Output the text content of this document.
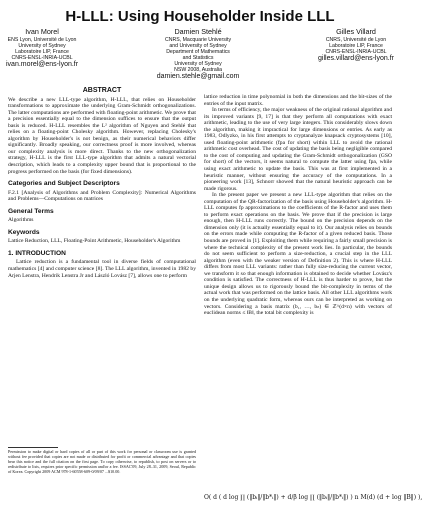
H-LLL: Using Householder Inside LLL
Ivan Morel
ENS Lyon, Université de Lyon
University of Sydney
Laboratoire LIP, France
CNRS-ENSL-INRIA-UCBL
ivan.morel@ens-lyon.fr
Damien Stehlé
CNRS, Macquarie University
and University of Sydney
Department of Mathematics
and Statistics
University of Sydney
NSW 2008, Australia
damien.stehle@gmail.com
Gilles Villard
CNRS, Université de Lyon
Laboratoire LIP, France
CNRS-ENSL-INRIA-UCBL
gilles.villard@ens-lyon.fr
ABSTRACT

We describe a new LLL-type algorithm, H-LLL, that relies on Householder transformations to approximate the underlying Gram-Schmidt orthogonalizations. The latter computations are performed with floating-point arithmetic. We prove that a precision essentially equal to the dimension suffices to ensure that the output basis is reduced. H-LLL resembles the L² algorithm of Nguyen and Stehlé that relies on a floating-point Cholesky algorithm. However, replacing Cholesky's algorithm by Householder's is not benign, as their numerical behaviors differ significantly. Broadly speaking, our correctness proof is more involved, whereas our complexity analysis is more direct. Thanks to the new orthogonalization strategy, H-LLL is the first LLL-type algorithm that admits a natural vectorial description, which leads to a complexity upper bound that is proportional to the progress performed on the basis (for fixed dimensions).

Categories and Subject Descriptors

F.2.1 [Analysis of Algorithms and Problem Complexity]: Numerical Algorithms and Problems—Computations on matrices

General Terms

Algorithms

Keywords

Lattice Reduction, LLL, Floating-Point Arithmetic, Householder's Algorithm

1. INTRODUCTION

Lattice reduction is a fundamental tool in diverse fields of computational mathematics [4] and computer science [8]. The LLL algorithm, invented in 1982 by Arjen Lenstra, Hendrik Lenstra Jr and László Lovász [7], allows one to perform

Permission to make digital or hard copies of all or part of this work for personal or classroom use is granted without fee provided that copies are not made or distributed for profit or commercial advantage and that copies bear this notice and the full citation on the first page. To copy otherwise, to republish, to post on servers or to redistribute to lists, requires prior specific permission and/or a fee. ISSAC'09, July 28–31, 2009, Seoul, Republic of Korea. Copyright 2009 ACM 978-1-60558-609-0/09/07 ...$10.00.

lattice reduction in time polynomial in both the dimensions and the bit-sizes of the entries of the input matrix.

In terms of efficiency, the major weakness of the original rational algorithm and its improved variants [9, 17] is that they perform all computations with exact arithmetic, leading to the use of very large integers. This considerably slows down the algorithm, making it impractical for large dimensions or entries. As early as 1983, Odlyzko, in his first attempts to cryptanalyze knapsack cryptosystems [10], used floating-point arithmetic (fpa for short) within LLL to avoid the rational arithmetic cost overhead. The cost of updating the basis being negligible compared to the cost of computing and updating the Gram-Schmidt orthogonalization (GSO for short) of the vectors, it seems natural to compute the latter using fpa, while using exact arithmetic to update the basis. This was at first implemented in a heuristic manner, without ensuring the accuracy of the computations. In a pioneering work [13], Schnorr showed that the natural heuristic approach can be made rigorous.

In the present paper we present a new LLL-type algorithm that relies on the computation of the QR-factorization of the basis using Householder's algorithm. H-LLL computes fp approximations to the coefficients of the R-factor and uses them to perform exact operations on the basis. We prove that if the precision is large enough, then H-LLL runs correctly. The bound on the precision depends on the dimension only (it is actually essentially equal to it). Our analysis relies on bounds on the errors made while computing the R-factor of a given reduced basis. Those bounds are proved in [1]. Exploiting them while requiring a fairly small precision is where the technical complexity of the present work lies. In particular, the bounds do not seem sufficient to perform a size-reduction, a crucial step in the LLL algorithm (even with the weaker version of Definition 2). This is where H-LLL differs from most LLL variants: rather than fully size-reducing the current vector, we transform it so that enough information is obtained to decide whether Lovász's condition is satisfied. The correctness of H-LLL is thus harder to prove, but the unique design allows us to rigorously bound the bit-complexity in terms of the actual work that was performed on the lattice basis. All other LLL algorithms work on the underlying quadratic form, whereas ours can be interpreted as working on vectors. Considering a basis matrix (b₁, …, bₙ) ∈ ℤ^(d×n) with vectors of euclidean norms ≤ ‖B‖, the total bit complexity is

O( d ( d log ∏ (‖bᵢ‖/‖b*ᵢ‖) + d/β log ∏ (‖bᵢ‖/‖b*ᵢ‖) ) n M(d) (d + log ‖B‖) ),
